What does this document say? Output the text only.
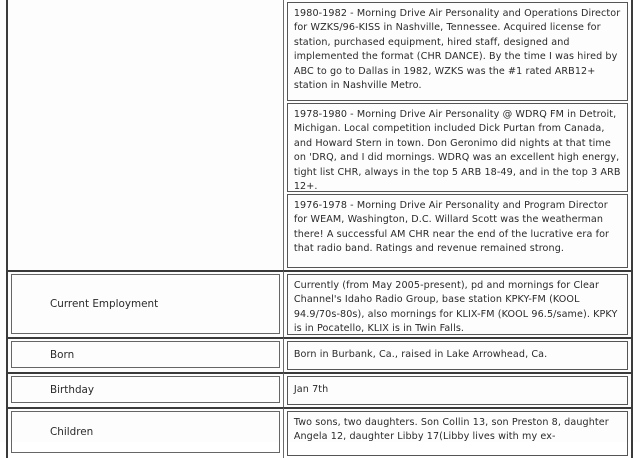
	1980-1982 - Morning Drive Air Personality and Operations Director for WZKS/96-KISS in Nashville, Tennessee. Acquired license for station, purchased equipment, hired staff, designed and implemented the format (CHR DANCE). By the time I was hired by ABC to go to Dallas in 1982, WZKS was the #1 rated ARB12+ station in Nashville Metro.
1978-1980 - Morning Drive Air Personality @ WDRQ FM in Detroit, Michigan. Local competition included Dick Purtan from Canada, and Howard Stern in town. Don Geronimo did nights at that time on 'DRQ, and I did mornings. WDRQ was an excellent high energy, tight list CHR, always in the top 5 ARB 18-49, and in the top 3 ARB 12+.
1976-1978 - Morning Drive Air Personality and Program Director for WEAM, Washington, D.C. Willard Scott was the weatherman there! A successful AM CHR near the end of the lucrative era for that radio band. Ratings and revenue remained strong.

Current Employment	Currently (from May 2005-present), pd and mornings for Clear Channel's Idaho Radio Group, base station KPKY-FM (KOOL 94.9/70s-80s), also mornings for KLIX-FM (KOOL 96.5/same). KPKY is in Pocatello, KLIX is in Twin Falls.

Born	Born in Burbank, Ca., raised in Lake Arrowhead, Ca.

Birthday	Jan 7th

Children	Two sons, two daughters. Son Collin 13, son Preston 8, daughter Angela 12, daughter Libby 17(Libby lives with my ex-
